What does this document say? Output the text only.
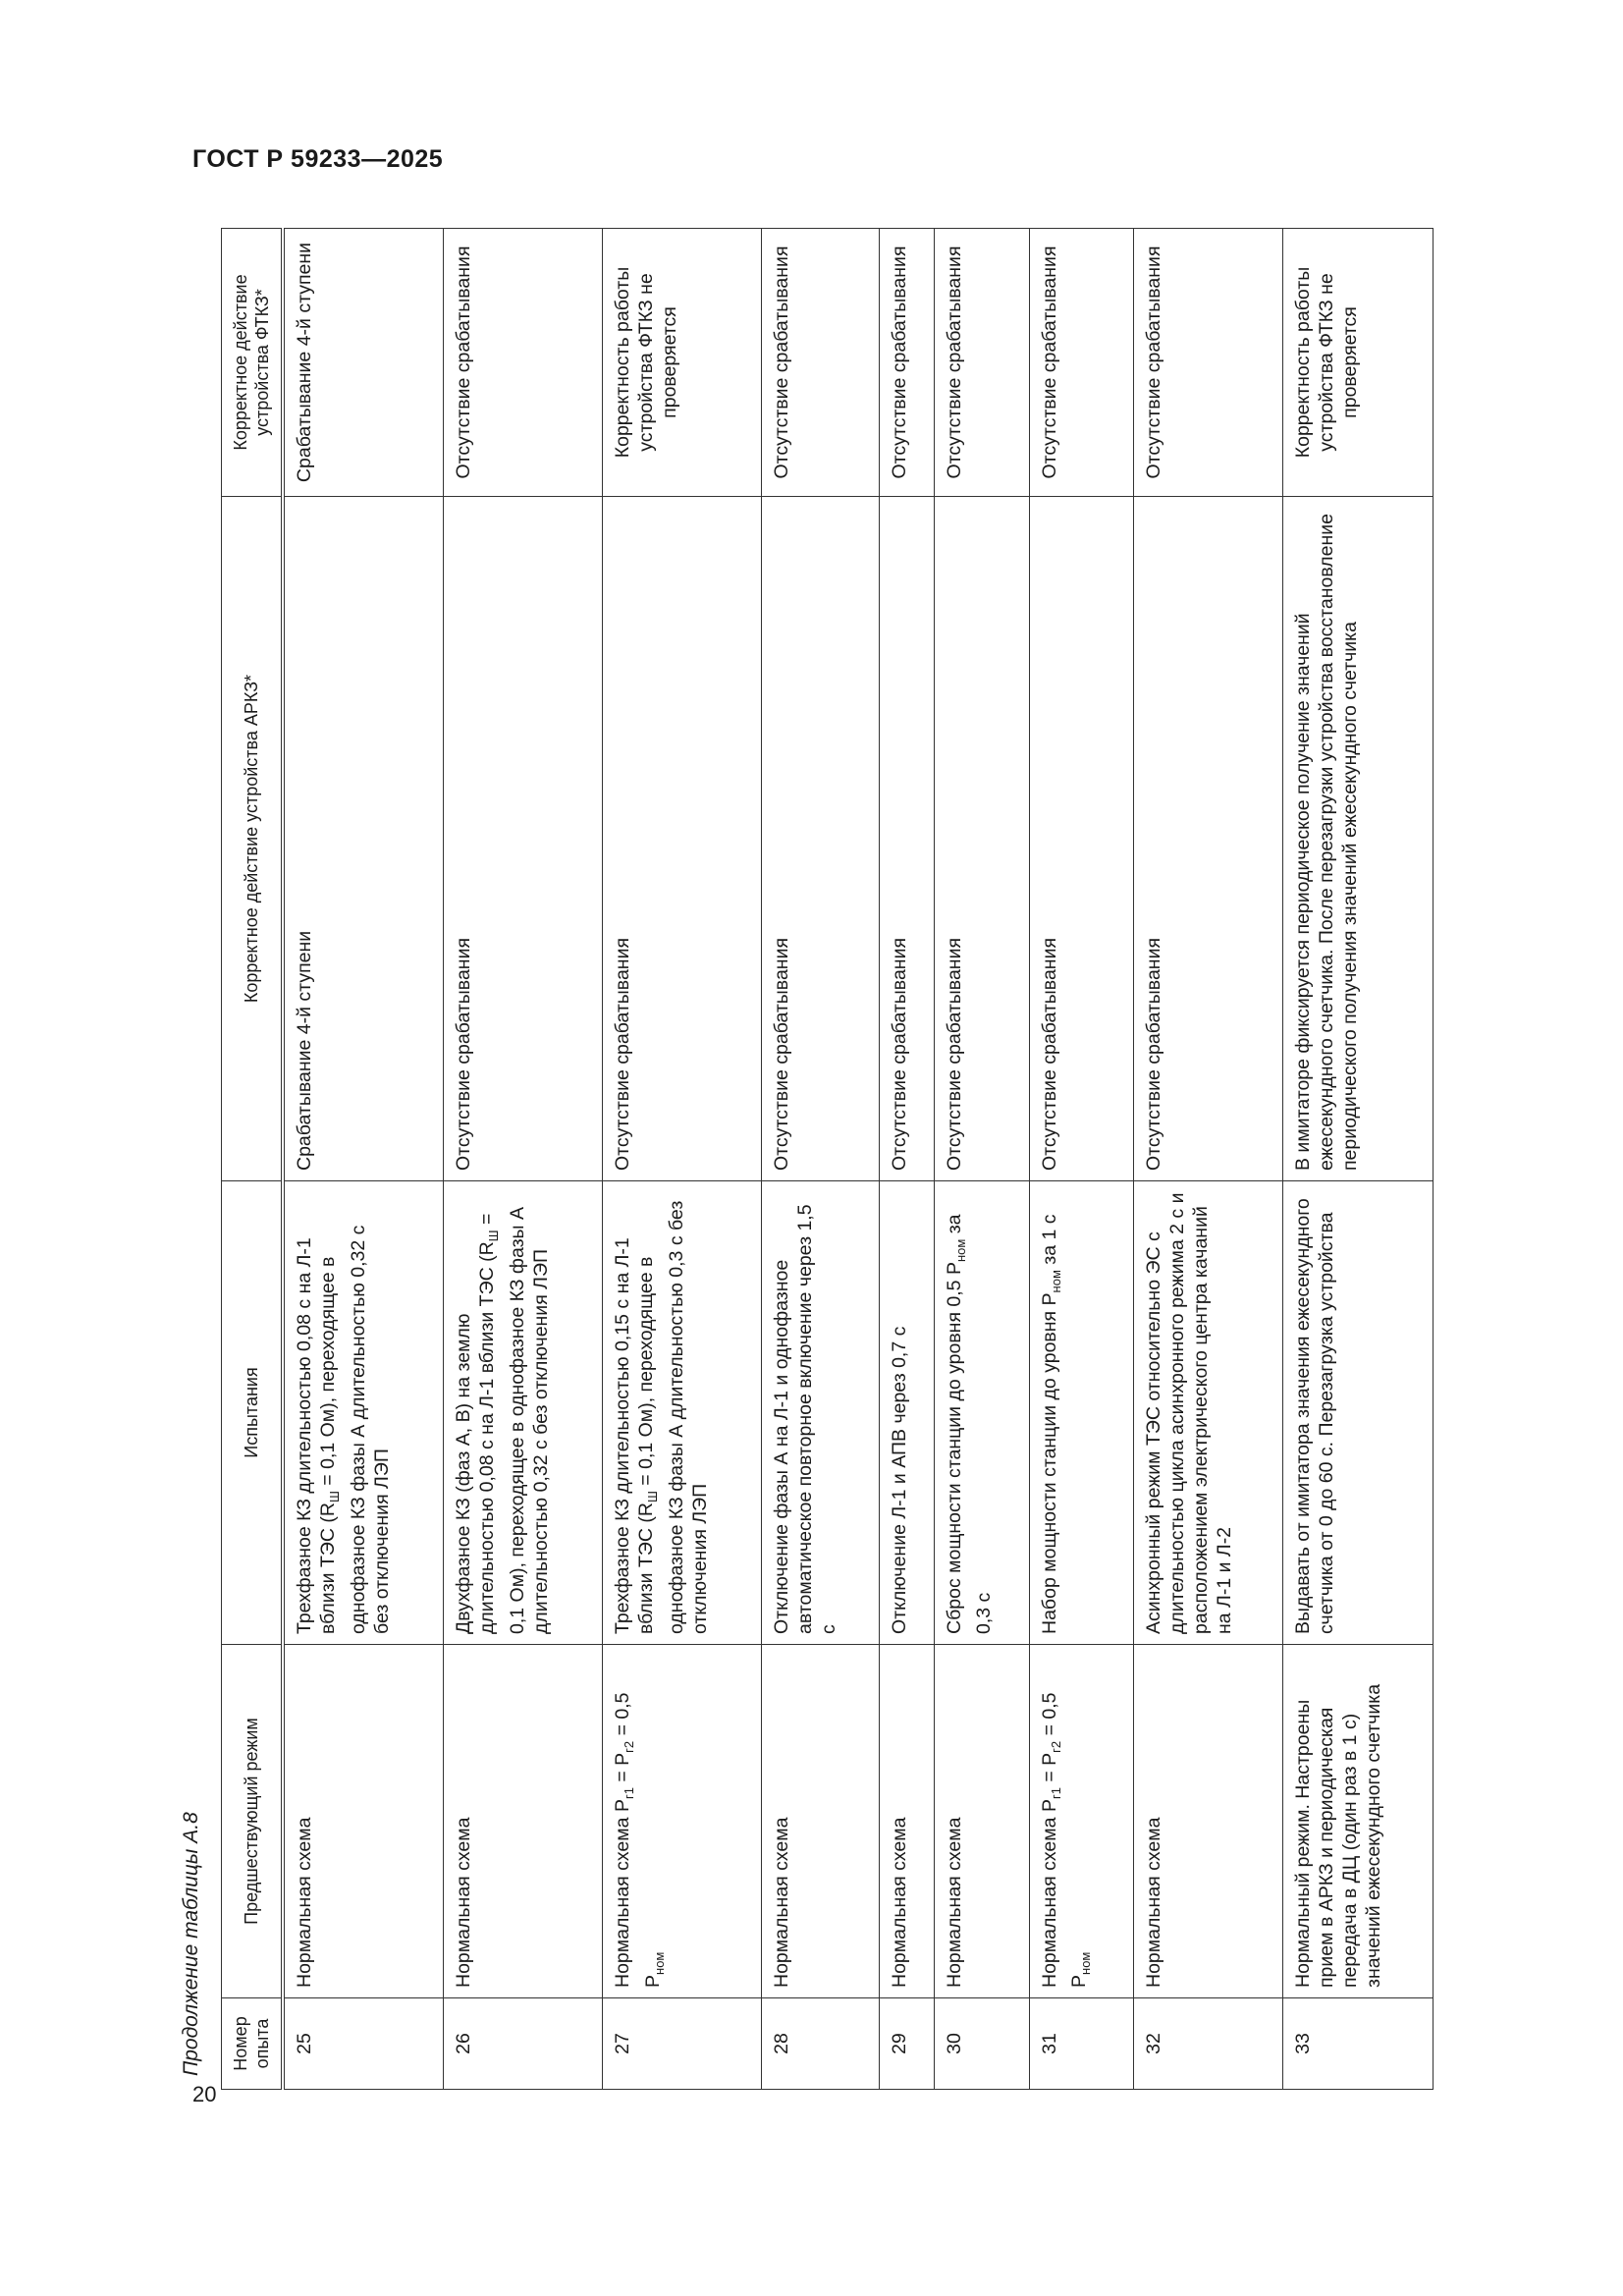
ГОСТ Р 59233—2025
20
Продолжение таблицы А.8	Номер опыта	Предшествующий режим	Испытания	Корректное действие устройства АРКЗ*	Корректное действие устройства ФТКЗ*
25	Нормальная схема	Трехфазное КЗ длительностью 0,08 с на Л-1 вблизи ТЭС ($R_Ш = 0,1$ Ом), переходящее в однофазное КЗ фазы А длительностью 0,32 с без отключения ЛЭП	Срабатывание 4-й ступени	Срабатывание 4-й ступени
26	Нормальная схема	Двухфазное КЗ (фаз А, В) на землю длительностью 0,08 с на Л-1 вблизи ТЭС ($R_Ш = 0,1$ Ом), переходящее в однофазное КЗ фазы А длительностью 0,32 с без отключения ЛЭП	Отсутствие срабатывания	Отсутствие срабатывания
27	Нормальная схема $P_{г1} = P_{г2} = 0,5$ $P_{ном}$	Трехфазное КЗ длительностью 0,15 с на Л-1 вблизи ТЭС ($R_Ш = 0,1$ Ом), переходящее в однофазное КЗ фазы А длительностью 0,3 с без отключения ЛЭП	Отсутствие срабатывания	Корректность работы устройства ФТКЗ не проверяется
28	Нормальная схема	Отключение фазы А на Л-1 и однофазное автоматическое повторное включение через 1,5 с	Отсутствие срабатывания	Отсутствие срабатывания
29	Нормальная схема	Отключение Л-1 и АПВ через 0,7 с	Отсутствие срабатывания	Отсутствие срабатывания
30	Нормальная схема	Сброс мощности станции до уровня 0,5 $P_{ном}$ за 0,3 с	Отсутствие срабатывания	Отсутствие срабатывания
31	Нормальная схема $P_{г1} = P_{г2} = 0,5$ $P_{ном}$	Набор мощности станции до уровня $P_{ном}$ за 1 с	Отсутствие срабатывания	Отсутствие срабатывания
32	Нормальная схема	Асинхронный режим ТЭС относительно ЭС с длительностью цикла асинхронного режима 2 с и расположением электрического центра качаний на Л-1 и Л-2	Отсутствие срабатывания	Отсутствие срабатывания
33	Нормальный режим. Настроены прием в АРКЗ и периодическая передача в ДЦ (один раз в 1 с) значений ежесекундного счетчика	Выдавать от имитатора значения ежесекундного счетчика от 0 до 60 с. Перезагрузка устройства	В имитаторе фиксируется периодическое получение значений ежесекундного счетчика. После перезагрузки устройства восстановление периодического получения значений ежесекундного счетчика	Корректность работы устройства ФТКЗ не проверяется
